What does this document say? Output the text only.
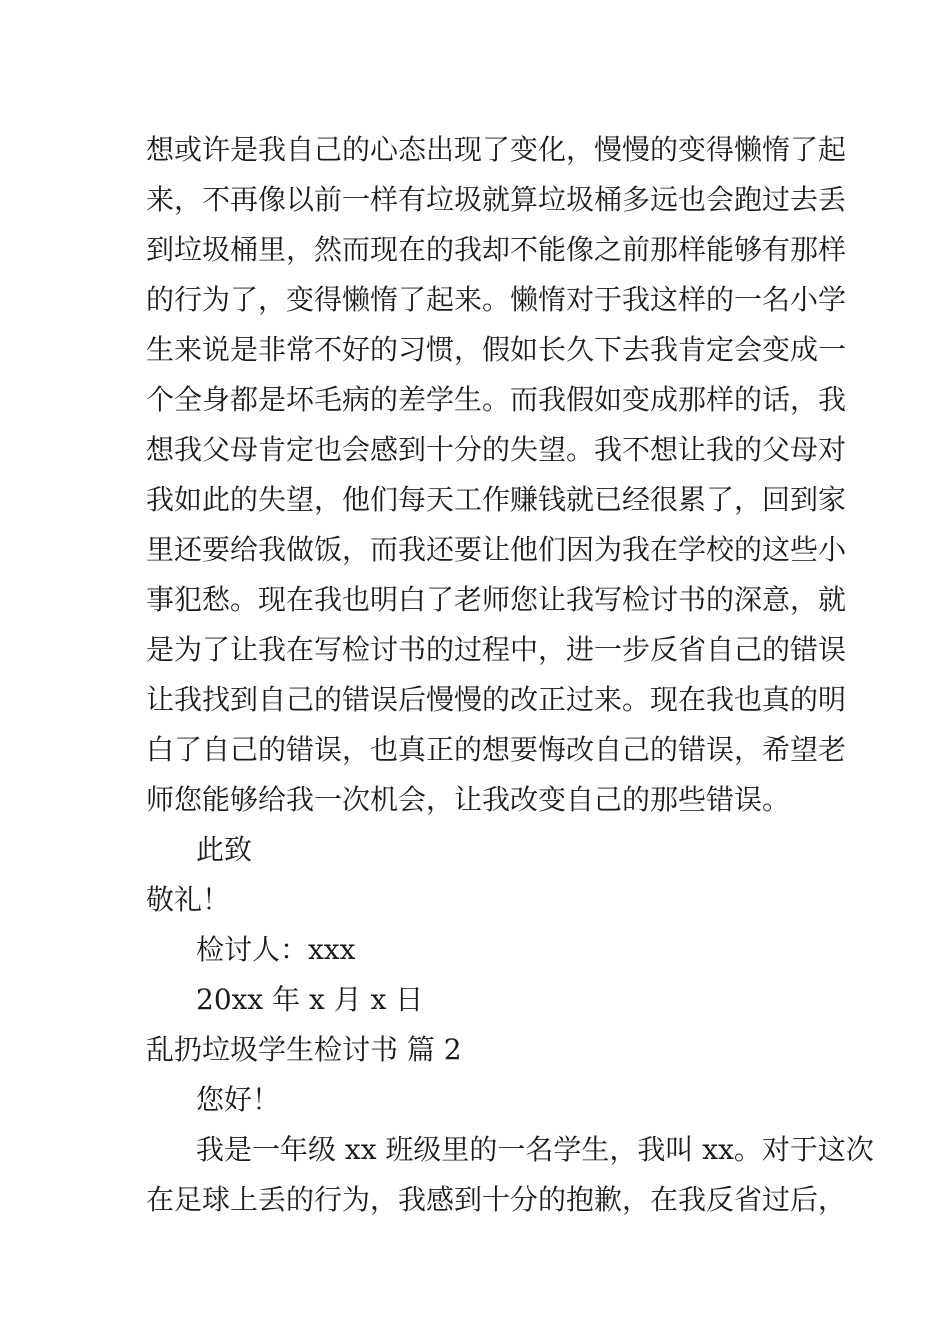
想或许是我自己的心态出现了变化，慢慢的变得懒惰了起
来，不再像以前一样有垃圾就算垃圾桶多远也会跑过去丢
到垃圾桶里，然而现在的我却不能像之前那样能够有那样
的行为了，变得懒惰了起来。懒惰对于我这样的一名小学
生来说是非常不好的习惯，假如长久下去我肯定会变成一
个全身都是坏毛病的差学生。而我假如变成那样的话，我
想我父母肯定也会感到十分的失望。我不想让我的父母对
我如此的失望，他们每天工作赚钱就已经很累了，回到家
里还要给我做饭，而我还要让他们因为我在学校的这些小
事犯愁。现在我也明白了老师您让我写检讨书的深意，就
是为了让我在写检讨书的过程中，进一步反省自己的错误
让我找到自己的错误后慢慢的改正过来。现在我也真的明
白了自己的错误，也真正的想要悔改自己的错误，希望老
师您能够给我一次机会，让我改变自己的那些错误。
此致
敬礼！
检讨人：xxx
20xx 年 x 月 x 日
乱扔垃圾学生检讨书 篇 2
您好！
我是一年级 xx 班级里的一名学生，我叫 xx。对于这次
在足球上丢的行为，我感到十分的抱歉，在我反省过后，
